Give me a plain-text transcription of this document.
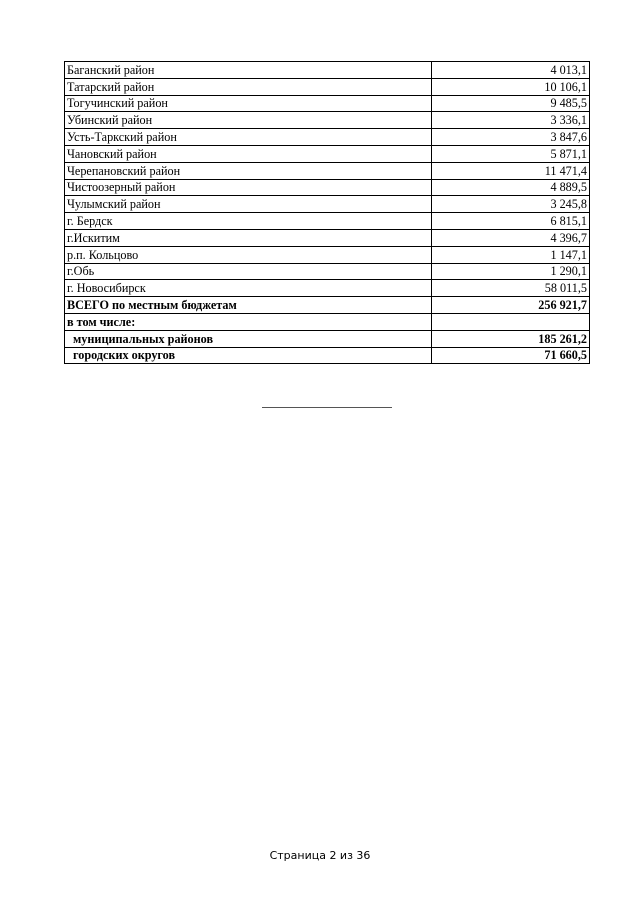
Баганский район	4 013,1
Татарский район	10 106,1
Тогучинский район	9 485,5
Убинский район	3 336,1
Усть-Таркский район	3 847,6
Чановский район	5 871,1
Черепановский район	11 471,4
Чистоозерный район	4 889,5
Чулымский район	3 245,8
г. Бердск	6 815,1
г.Искитим	4 396,7
р.п. Кольцово	1 147,1
г.Обь	1 290,1
г. Новосибирск	58 011,5
ВСЕГО по местным бюджетам	256 921,7
в том числе:	
муниципальных районов	185 261,2
городских округов	71 660,5
Страница 2 из 36
